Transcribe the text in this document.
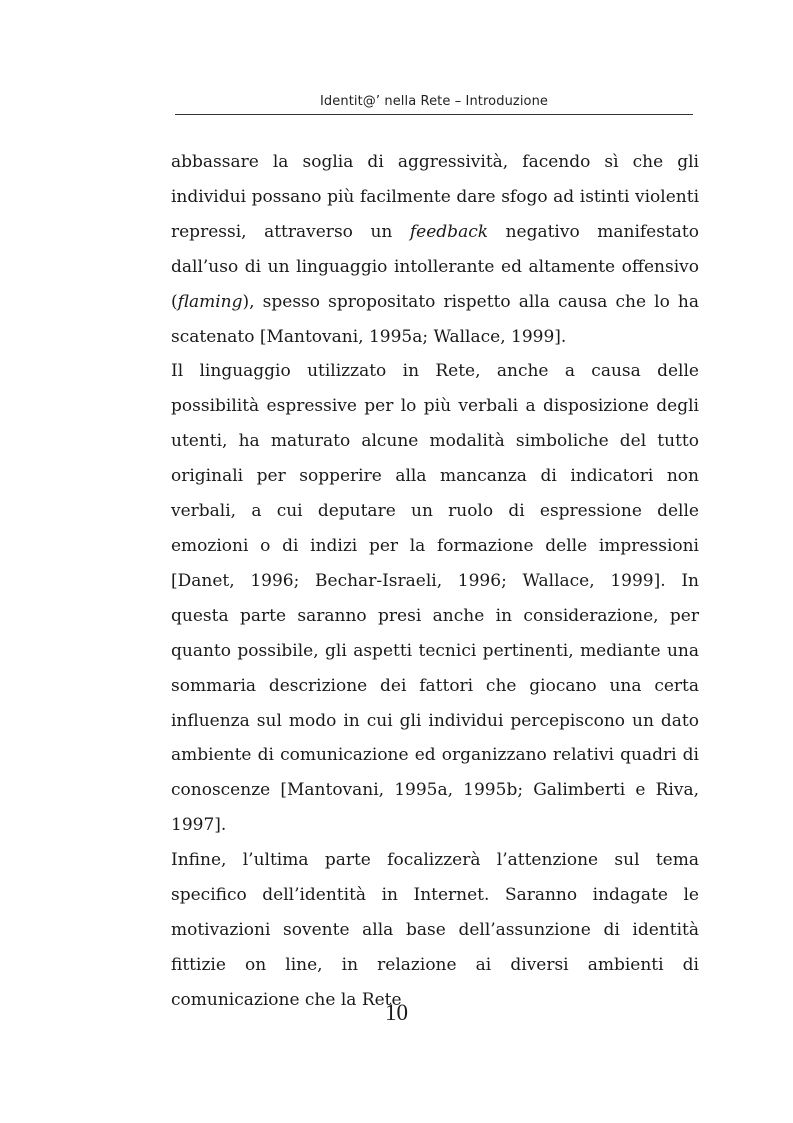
Identit@’ nella Rete – Introduzione

abbassare la soglia di aggressività, facendo sì che gli individui possano più facilmente dare sfogo ad istinti violenti repressi, attraverso un feedback negativo manifestato dall’uso di un linguaggio intollerante ed altamente offensivo (flaming), spesso spropositato rispetto alla causa che lo ha scatenato [Mantovani, 1995a; Wallace, 1999].

Il linguaggio utilizzato in Rete, anche a causa delle possibilità espressive per lo più verbali a disposizione degli utenti, ha maturato alcune modalità simboliche del tutto originali per sopperire alla mancanza di indicatori non verbali, a cui deputare un ruolo di espressione delle emozioni o di indizi per la formazione delle impressioni [Danet, 1996; Bechar-Israeli, 1996; Wallace, 1999]. In questa parte saranno presi anche in considerazione, per quanto possibile, gli aspetti tecnici pertinenti, mediante una sommaria descrizione dei fattori che giocano una certa influenza sul modo in cui gli individui percepiscono un dato ambiente di comunicazione ed organizzano relativi quadri di conoscenze [Mantovani, 1995a, 1995b; Galimberti e Riva, 1997].

Infine, l’ultima parte focalizzerà l’attenzione sul tema specifico dell’identità in Internet. Saranno indagate le motivazioni sovente alla base dell’assunzione di identità fittizie on line, in relazione ai diversi ambienti di comunicazione che la Rete

10
